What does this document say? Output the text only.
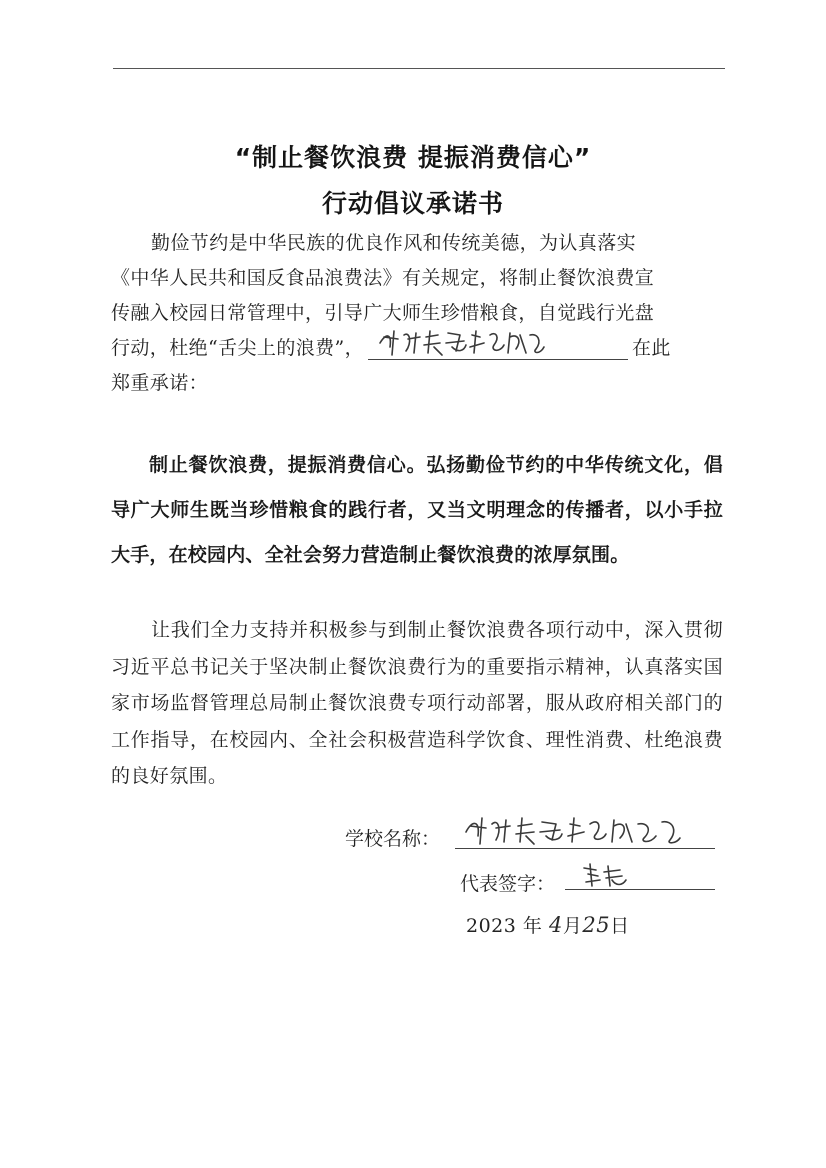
“制止餐饮浪费 提振消费信心”
行动倡议承诺书
勤俭节约是中华民族的优良作风和传统美德，为认真落实
《中华人民共和国反食品浪费法》有关规定，将制止餐饮浪费宣
传融入校园日常管理中，引导广大师生珍惜粮食，自觉践行光盘
行动，杜绝“舌尖上的浪费”，	在此
郑重承诺：
制止餐饮浪费，提振消费信心。弘扬勤俭节约的中华传统文化，倡导广大师生既当珍惜粮食的践行者，又当文明理念的传播者，以小手拉大手，在校园内、全社会努力营造制止餐饮浪费的浓厚氛围。
让我们全力支持并积极参与到制止餐饮浪费各项行动中，深入贯彻习近平总书记关于坚决制止餐饮浪费行为的重要指示精神，认真落实国家市场监督管理总局制止餐饮浪费专项行动部署，服从政府相关部门的工作指导，在校园内、全社会积极营造科学饮食、理性消费、杜绝浪费的良好氛围。
学校名称：
代表签字：
2023 年 4月25日
